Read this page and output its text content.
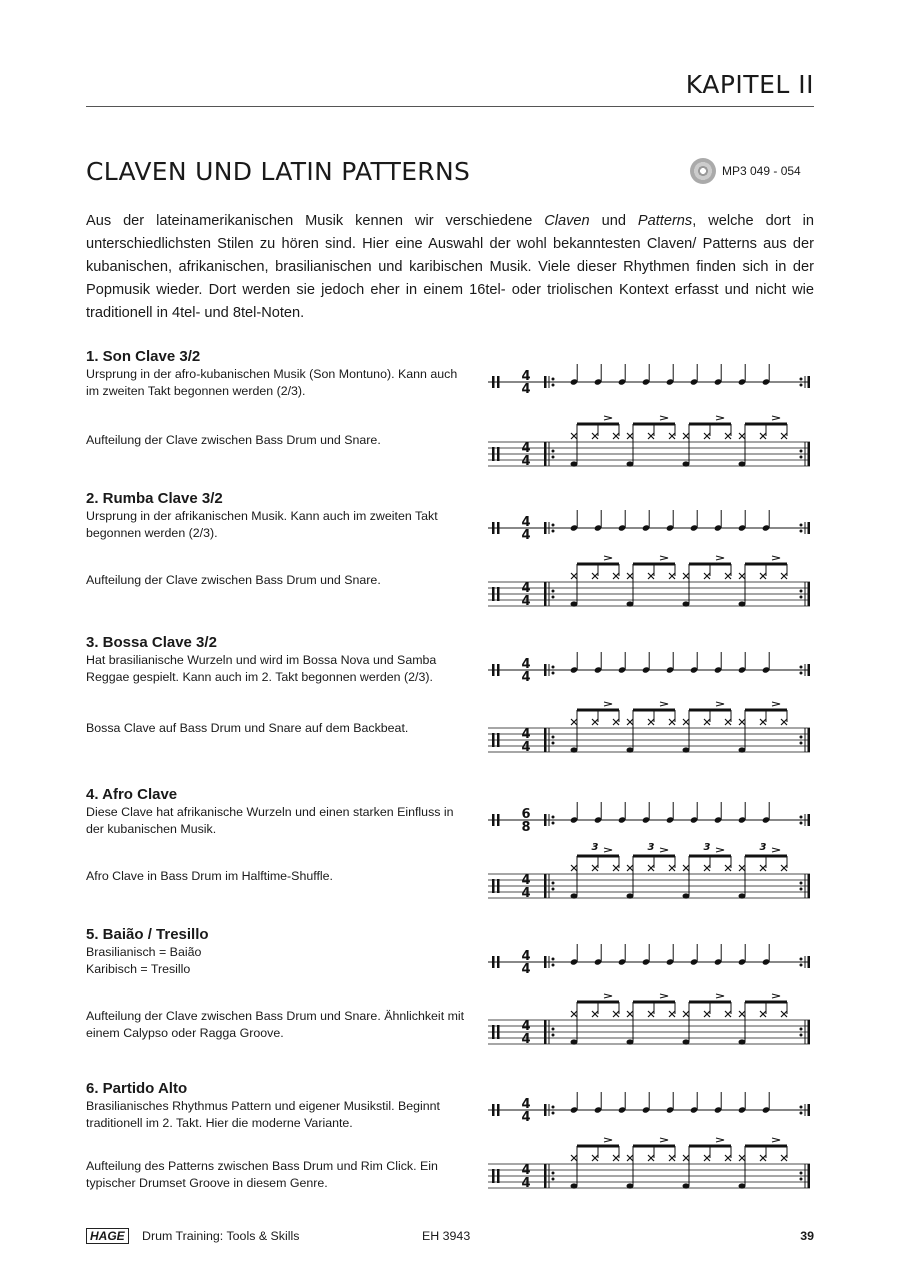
KAPITEL II
CLAVEN UND LATIN PATTERNS	MP3 049 - 054

Aus der lateinamerikanischen Musik kennen wir verschiedene Claven und Patterns, welche dort in unterschiedlichsten Stilen zu hören sind. Hier eine Auswahl der wohl bekanntesten Claven/ Patterns aus der kubanischen, afrikanischen, brasilianischen und karibischen Musik. Viele dieser Rhythmen finden sich in der Popmusik wieder. Dort werden sie jedoch eher in einem 16tel- oder triolischen Kontext erfasst und nicht wie traditionell in 4tel- und 8tel-Noten.

1. Son Clave 3/2

Ursprung in der afro-kubanischen Musik (Son Montuno). Kann auch im zweiten Takt begonnen werden (2/3).

Aufteilung der Clave zwischen Bass Drum und Snare.
2. Rumba Clave 3/2

Ursprung in der afrikanischen Musik. Kann auch im zweiten Takt begonnen werden (2/3).

Aufteilung der Clave zwischen Bass Drum und Snare.
3. Bossa Clave 3/2

Hat brasilianische Wurzeln und wird im Bossa Nova und Samba Reggae gespielt. Kann auch im 2. Takt begonnen werden (2/3).

Bossa Clave auf Bass Drum und Snare auf dem Backbeat.
4. Afro Clave

Diese Clave hat afrikanische Wurzeln und einen starken Einfluss in der kubanischen Musik.

Afro Clave in Bass Drum im Halftime-Shuffle.
5. Baião / Tresillo

Brasilianisch = Baião
Karibisch = Tresillo

Aufteilung der Clave zwischen Bass Drum und Snare. Ähnlichkeit mit einem Calypso oder Ragga Groove.
6. Partido Alto

Brasilianisches Rhythmus Pattern und eigener Musikstil. Beginnt traditionell im 2. Takt. Hier die moderne Variante.

Aufteilung des Patterns zwischen Bass Drum und Rim Click. Ein typischer Drumset Groove in diesem Genre.
4
4
4
4
4
4
4
4
4
4
4
4
6
8
4
4
3	3	3	3
4
4
4
4
4
4
4
4
HAGE	Drum Training: Tools & Skills	EH 3943	39
